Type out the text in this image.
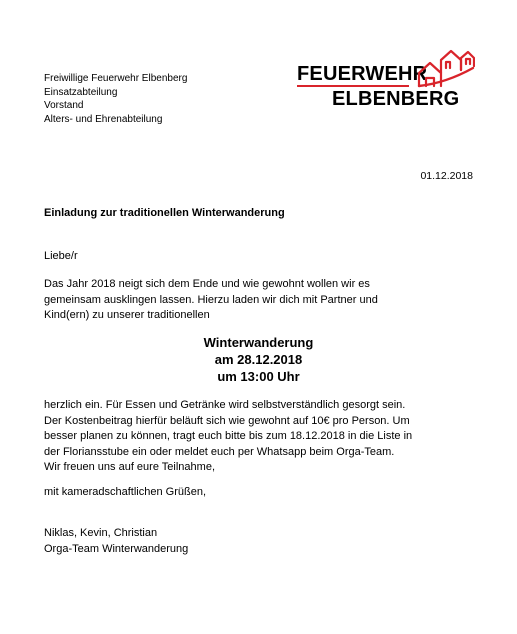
Freiwillige Feuerwehr Elbenberg
Einsatzabteilung
Vorstand
Alters- und Ehrenabteilung
FEUERWEHR
ELBENBERG
01.12.2018
Einladung zur traditionellen Winterwanderung
Liebe/r
Das Jahr 2018 neigt sich dem Ende und wie gewohnt wollen wir es
gemeinsam ausklingen lassen. Hierzu laden wir dich mit Partner und
Kind(ern) zu unserer traditionellen
Winterwanderung
am 28.12.2018
um 13:00 Uhr
herzlich ein. Für Essen und Getränke wird selbstverständlich gesorgt sein.
Der Kostenbeitrag hierfür beläuft sich wie gewohnt auf 10€ pro Person. Um
besser planen zu können, tragt euch bitte bis zum 18.12.2018 in die Liste in
der Floriansstube ein oder meldet euch per Whatsapp beim Orga-Team.
Wir freuen uns auf eure Teilnahme,
mit kameradschaftlichen Grüßen,
Niklas, Kevin, Christian
Orga-Team Winterwanderung
